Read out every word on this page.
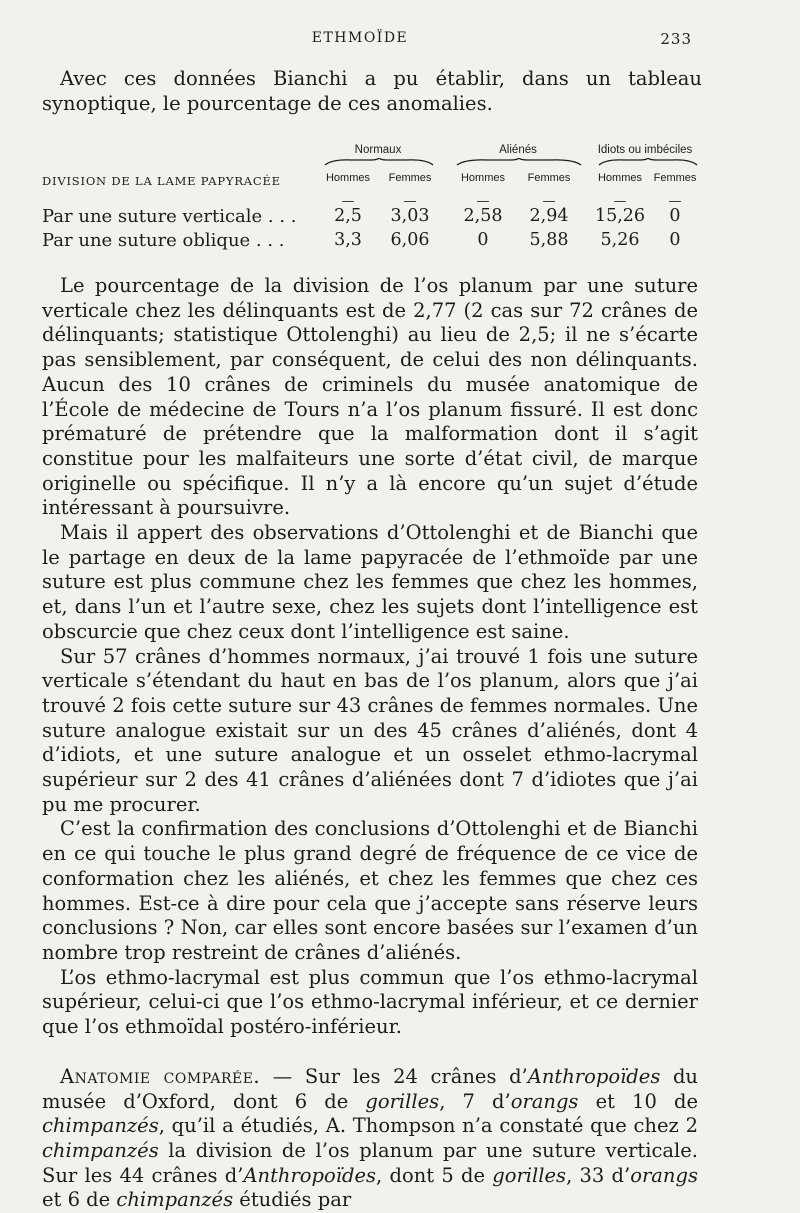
ETHMOÏDE	233

Avec ces données Bianchi a pu établir, dans un tableau synoptique, le pourcentage de ces anomalies.

Normaux	Aliénés	Idiots ou imbéciles
DIVISION DE LA LAME PAPYRACÉE	Hommes	Femmes	Hommes	Femmes	Hommes	Femmes
—	—	—	—	—	—
Par une suture verticale . . .	2,5	3,03	2,58	2,94	15,26	0
Par une suture oblique . . .	3,3	6,06	0	5,88	5,26	0

Le pourcentage de la division de l’os planum par une suture verticale chez les délinquants est de 2,77 (2 cas sur 72 crânes de délinquants; statistique Ottolenghi) au lieu de 2,5; il ne s’écarte pas sensiblement, par conséquent, de celui des non délinquants. Aucun des 10 crânes de criminels du musée anatomique de l’École de médecine de Tours n’a l’os planum fissuré. Il est donc prématuré de prétendre que la malformation dont il s’agit constitue pour les malfaiteurs une sorte d’état civil, de marque originelle ou spécifique. Il n’y a là encore qu’un sujet d’étude intéressant à poursuivre.

Mais il appert des observations d’Ottolenghi et de Bianchi que le partage en deux de la lame papyracée de l’ethmoïde par une suture est plus commune chez les femmes que chez les hommes, et, dans l’un et l’autre sexe, chez les sujets dont l’intelligence est obscurcie que chez ceux dont l’intelligence est saine.

Sur 57 crânes d’hommes normaux, j’ai trouvé 1 fois une suture verticale s’étendant du haut en bas de l’os planum, alors que j’ai trouvé 2 fois cette suture sur 43 crânes de femmes normales. Une suture analogue existait sur un des 45 crânes d’aliénés, dont 4 d’idiots, et une suture analogue et un osselet ethmo-lacrymal supérieur sur 2 des 41 crânes d’aliénées dont 7 d’idiotes que j’ai pu me procurer.

C’est la confirmation des conclusions d’Ottolenghi et de Bianchi en ce qui touche le plus grand degré de fréquence de ce vice de conformation chez les aliénés, et chez les femmes que chez ces hommes. Est-ce à dire pour cela que j’accepte sans réserve leurs conclusions ? Non, car elles sont encore basées sur l’examen d’un nombre trop restreint de crânes d’aliénés.

L’os ethmo-lacrymal est plus commun que l’os ethmo-lacrymal supérieur, celui-ci que l’os ethmo-lacrymal inférieur, et ce dernier que l’os ethmoïdal postéro-inférieur.

Anatomie comparée. — Sur les 24 crânes d’Anthropoïdes du musée d’Oxford, dont 6 de gorilles, 7 d’orangs et 10 de chimpanzés, qu’il a étudiés, A. Thompson n’a constaté que chez 2 chimpanzés la division de l’os planum par une suture verticale. Sur les 44 crânes d’Anthropoïdes, dont 5 de gorilles, 33 d’orangs et 6 de chimpanzés étudiés par
